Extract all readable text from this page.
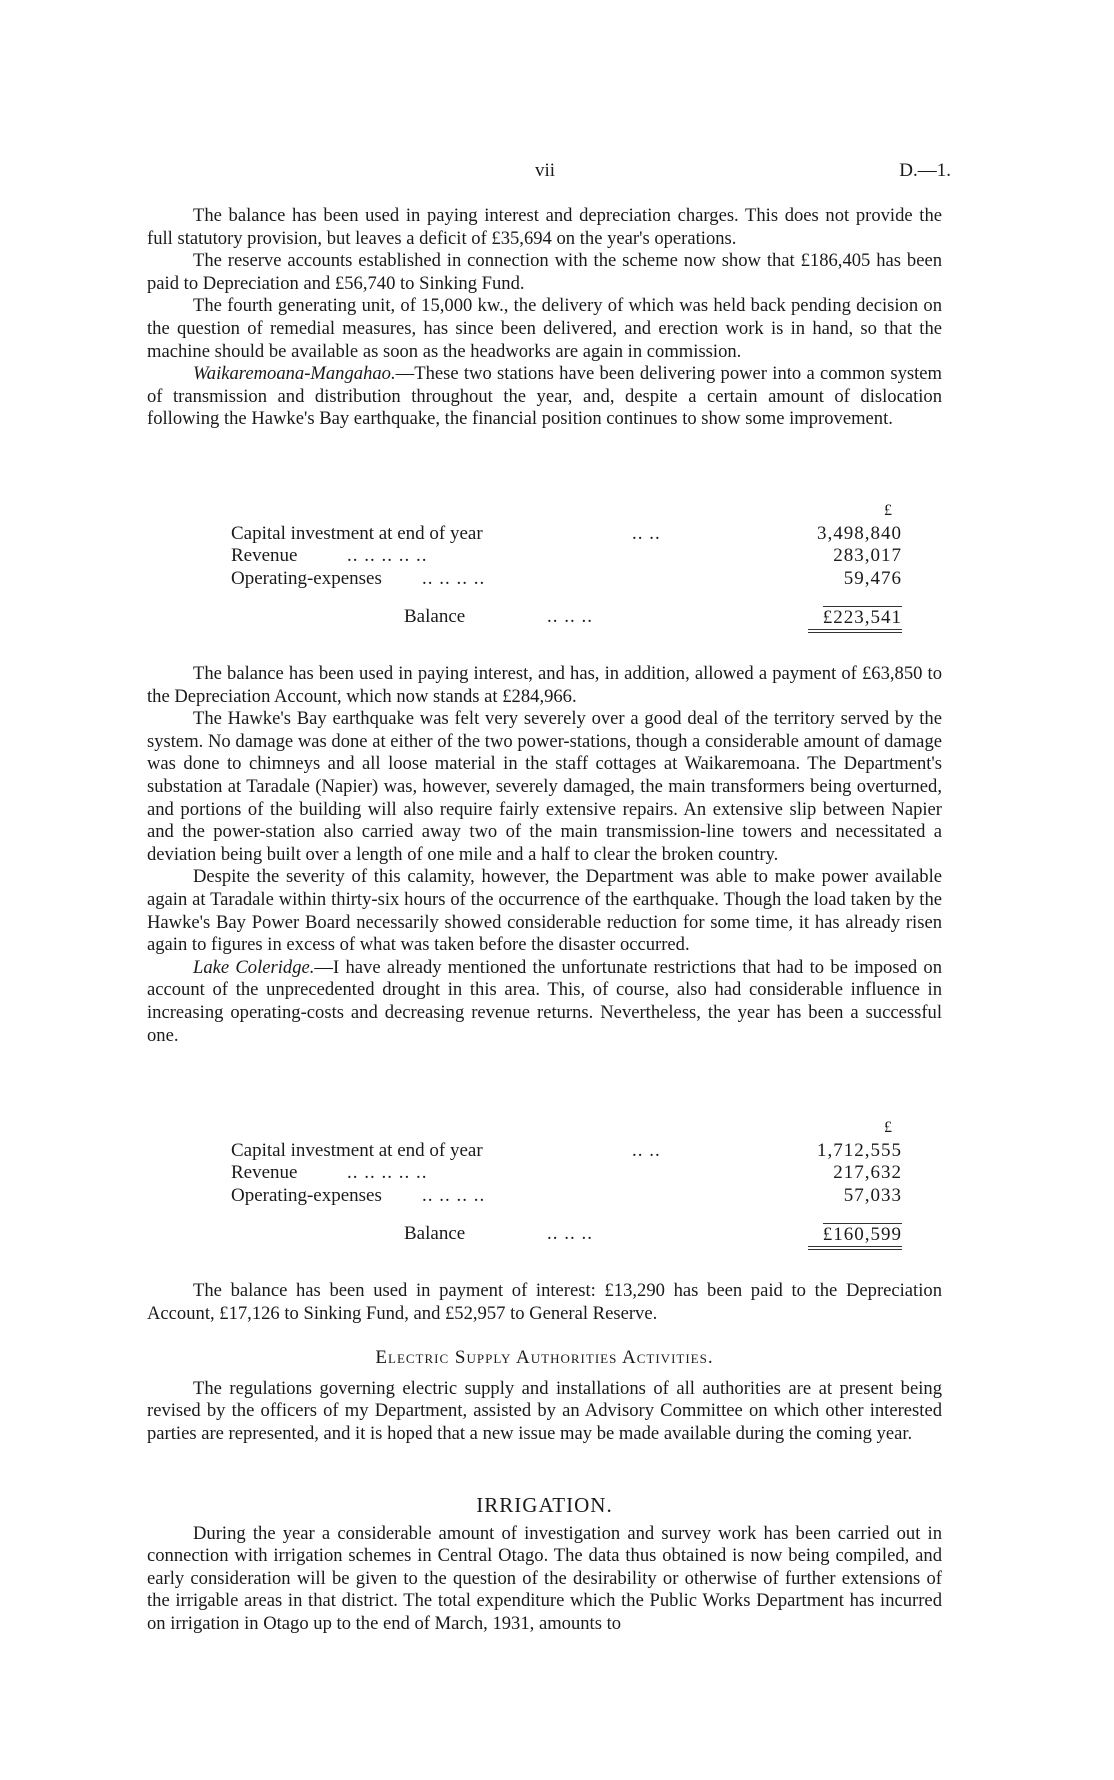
vii	D.—1.

The balance has been used in paying interest and depreciation charges. This does not provide the full statutory provision, but leaves a deficit of £35,694 on the year's operations.

The reserve accounts established in connection with the scheme now show that £186,405 has been paid to Depreciation and £56,740 to Sinking Fund.

The fourth generating unit, of 15,000 kw., the delivery of which was held back pending decision on the question of remedial measures, has since been delivered, and erection work is in hand, so that the machine should be available as soon as the headworks are again in commission.

Waikaremoana-Mangahao.—These two stations have been delivering power into a common system of transmission and distribution throughout the year, and, despite a certain amount of dislocation following the Hawke's Bay earthquake, the financial position continues to show some improvement.

£
Capital investment at end of year	.. ..	3,498,840
Revenue	.. .. .. .. ..	283,017
Operating-expenses .. .. .. ..	59,476
Balance	.. .. ..	£223,541

The balance has been used in paying interest, and has, in addition, allowed a payment of £63,850 to the Depreciation Account, which now stands at £284,966.

The Hawke's Bay earthquake was felt very severely over a good deal of the territory served by the system. No damage was done at either of the two power-stations, though a considerable amount of damage was done to chimneys and all loose material in the staff cottages at Waikaremoana. The Department's substation at Taradale (Napier) was, however, severely damaged, the main transformers being overturned, and portions of the building will also require fairly extensive repairs. An extensive slip between Napier and the power-station also carried away two of the main transmission-line towers and necessitated a deviation being built over a length of one mile and a half to clear the broken country.

Despite the severity of this calamity, however, the Department was able to make power available again at Taradale within thirty-six hours of the occurrence of the earthquake. Though the load taken by the Hawke's Bay Power Board necessarily showed considerable reduction for some time, it has already risen again to figures in excess of what was taken before the disaster occurred.

Lake Coleridge.—I have already mentioned the unfortunate restrictions that had to be imposed on account of the unprecedented drought in this area. This, of course, also had considerable influence in increasing operating-costs and decreasing revenue returns. Nevertheless, the year has been a successful one.

£
Capital investment at end of year	.. ..	1,712,555
Revenue	.. .. .. .. ..	217,632
Operating-expenses .. .. .. ..	57,033
Balance	.. .. ..	£160,599

The balance has been used in payment of interest: £13,290 has been paid to the Depreciation Account, £17,126 to Sinking Fund, and £52,957 to General Reserve.

Electric Supply Authorities Activities.

The regulations governing electric supply and installations of all authorities are at present being revised by the officers of my Department, assisted by an Advisory Committee on which other interested parties are represented, and it is hoped that a new issue may be made available during the coming year.

IRRIGATION.

During the year a considerable amount of investigation and survey work has been carried out in connection with irrigation schemes in Central Otago. The data thus obtained is now being compiled, and early consideration will be given to the question of the desirability or otherwise of further extensions of the irrigable areas in that district. The total expenditure which the Public Works Department has incurred on irrigation in Otago up to the end of March, 1931, amounts to
